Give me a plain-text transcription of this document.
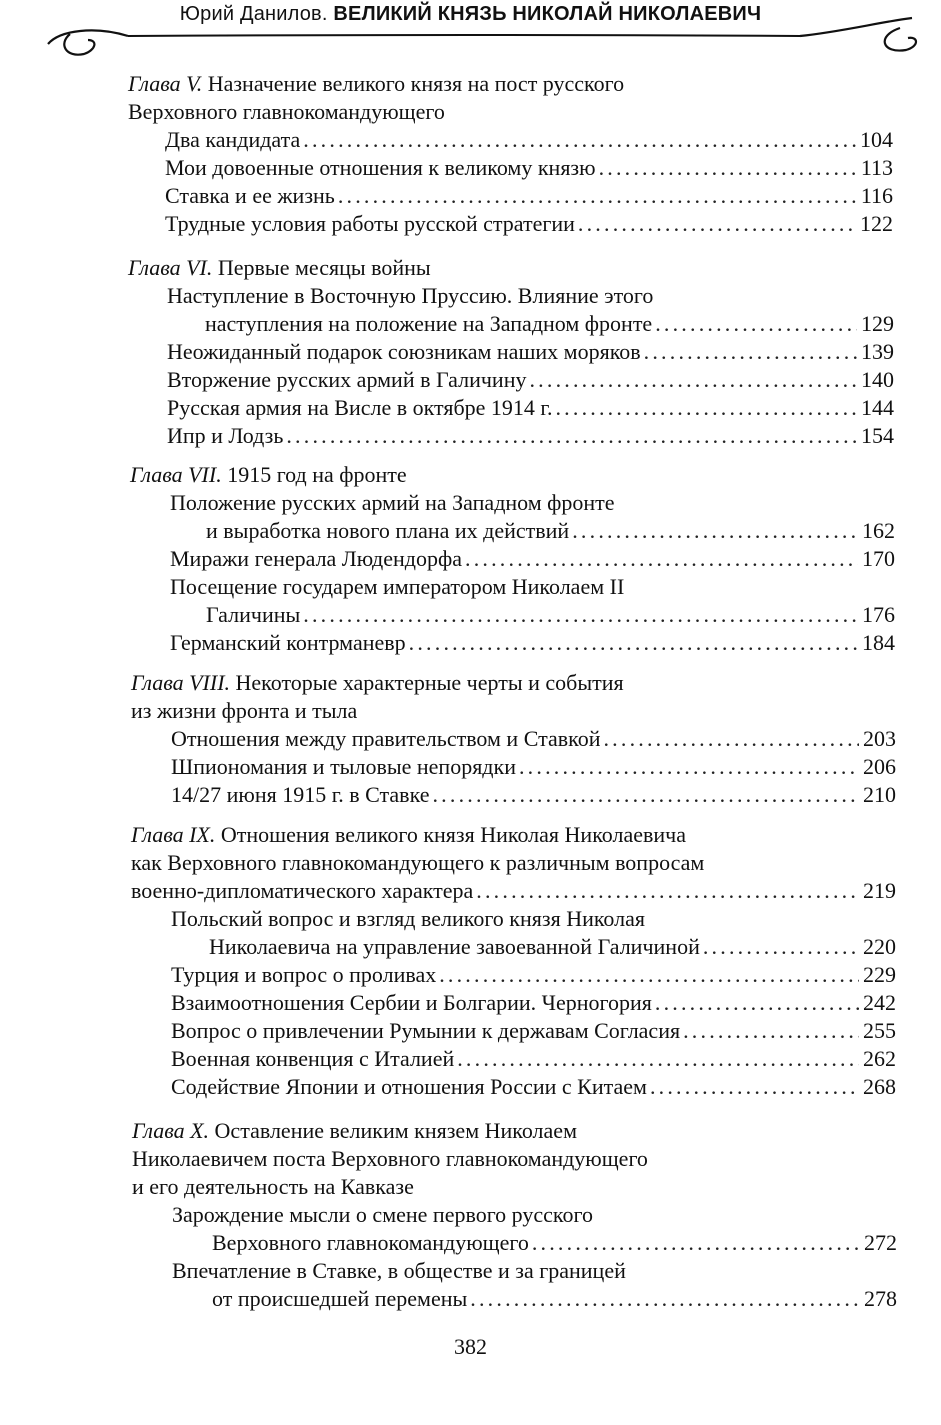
Юрий Данилов. ВЕЛИКИЙ КНЯЗЬ НИКОЛАЙ НИКОЛАЕВИЧ
Глава V. Назначение великого князя на пост русского
Верховного главнокомандующего
Два кандидата .....	104
Мои довоенные отношения к великому князю .....	113
Ставка и ее жизнь .....	116
Трудные условия работы русской стратегии .....	122
Глава VI. Первые месяцы войны
Наступление в Восточную Пруссию. Влияние этого
наступления на положение на Западном фронте .....	129
Неожиданный подарок союзникам наших моряков .....	139
Вторжение русских армий в Галичину .....	140
Русская армия на Висле в октябре 1914 г. .....	144
Ипр и Лодзь .....	154
Глава VII. 1915 год на фронте
Положение русских армий на Западном фронте
и выработка нового плана их действий .....	162
Миражи генерала Людендорфа .....	170
Посещение государем императором Николаем II
Галичины .....	176
Германский контрманевр .....	184
Глава VIII. Некоторые характерные черты и события
из жизни фронта и тыла
Отношения между правительством и Ставкой .....	203
Шпиономания и тыловые непорядки .....	206
14/27 июня 1915 г. в Ставке .....	210
Глава IX. Отношения великого князя Николая Николаевича
как Верховного главнокомандующего к различным вопросам
военно-дипломатического характера .....	219
Польский вопрос и взгляд великого князя Николая
Николаевича на управление завоеванной Галичиной .....	220
Турция и вопрос о проливах .....	229
Взаимоотношения Сербии и Болгарии. Черногория .....	242
Вопрос о привлечении Румынии к державам Согласия .....	255
Военная конвенция с Италией .....	262
Содействие Японии и отношения России с Китаем .....	268
Глава X. Оставление великим князем Николаем
Николаевичем поста Верховного главнокомандующего
и его деятельность на Кавказе
Зарождение мысли о смене первого русского
Верховного главнокомандующего .....	272
Впечатление в Ставке, в обществе и за границей
от происшедшей перемены .....	278
382
